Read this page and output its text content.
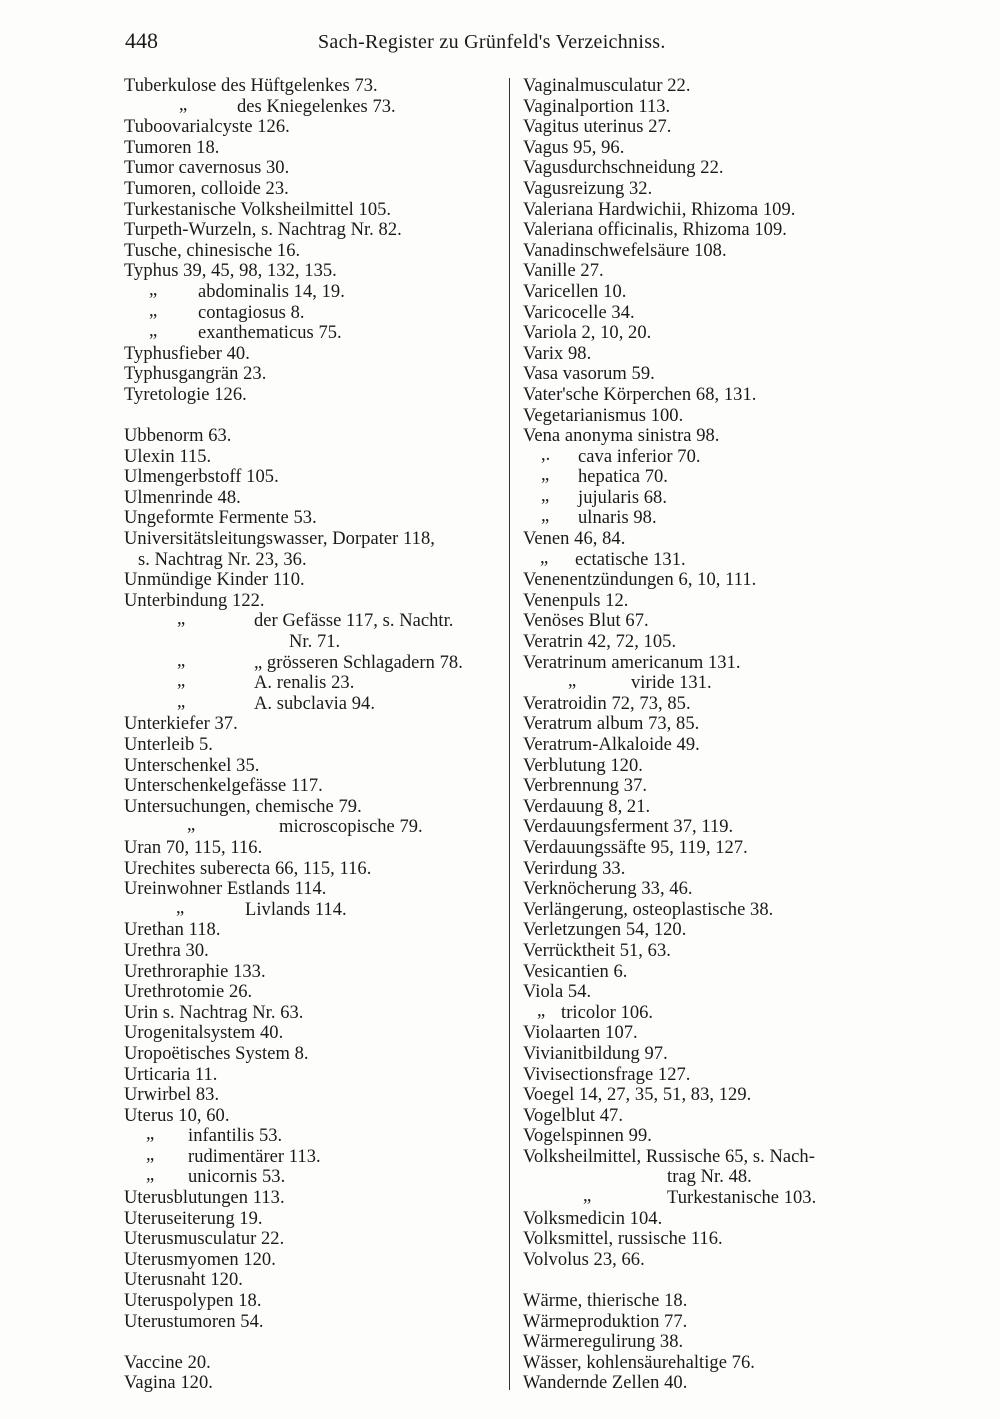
448	Sach-Register zu Grünfeld's Verzeichniss.
Tuberkulose des Hüftgelenkes 73.
„	des Kniegelenkes 73.
Tuboovarialcyste 126.
Tumoren 18.
Tumor cavernosus 30.
Tumoren, colloide 23.
Turkestanische Volksheilmittel 105.
Turpeth-Wurzeln, s. Nachtrag Nr. 82.
Tusche, chinesische 16.
Typhus 39, 45, 98, 132, 135.
„ abdominalis 14, 19.
„ contagiosus 8.
„ exanthematicus 75.
Typhusfieber 40.
Typhusgangrän 23.
Tyretologie 126.
Ubbenorm 63.
Ulexin 115.
Ulmengerbstoff 105.
Ulmenrinde 48.
Ungeformte Fermente 53.
Universitätsleitungswasser, Dorpater 118,
s. Nachtrag Nr. 23, 36.
Unmündige Kinder 110.
Unterbindung 122.
„	der Gefässe 117, s. Nachtr.
Nr. 71.
„	„ grösseren Schlagadern 78.
„	A. renalis 23.
„	A. subclavia 94.
Unterkiefer 37.
Unterleib 5.
Unterschenkel 35.
Unterschenkelgefässe 117.
Untersuchungen, chemische 79.
„	microscopische 79.
Uran 70, 115, 116.
Urechites suberecta 66, 115, 116.
Ureinwohner Estlands 114.
„	Livlands 114.
Urethan 118.
Urethra 30.
Urethroraphie 133.
Urethrotomie 26.
Urin s. Nachtrag Nr. 63.
Urogenitalsystem 40.
Uropoëtisches System 8.
Urticaria 11.
Urwirbel 83.
Uterus 10, 60.
„ infantilis 53.
„ rudimentärer 113.
„ unicornis 53.
Uterusblutungen 113.
Uteruseiterung 19.
Uterusmusculatur 22.
Uterusmyomen 120.
Uterusnaht 120.
Uteruspolypen 18.
Uterustumoren 54.
Vaccine 20.
Vagina 120.
Vaginalmusculatur 22.
Vaginalportion 113.
Vagitus uterinus 27.
Vagus 95, 96.
Vagusdurchschneidung 22.
Vagusreizung 32.
Valeriana Hardwichii, Rhizoma 109.
Valeriana officinalis, Rhizoma 109.
Vanadinschwefelsäure 108.
Vanille 27.
Varicellen 10.
Varicocelle 34.
Variola 2, 10, 20.
Varix 98.
Vasa vasorum 59.
Vater'sche Körperchen 68, 131.
Vegetarianismus 100.
Vena anonyma sinistra 98.
,. cava inferior 70.
„ hepatica 70.
„ jujularis 68.
„ ulnaris 98.
Venen 46, 84.
„ ectatische 131.
Venenentzündungen 6, 10, 111.
Venenpuls 12.
Venöses Blut 67.
Veratrin 42, 72, 105.
Veratrinum americanum 131.
„	viride 131.
Veratroidin 72, 73, 85.
Veratrum album 73, 85.
Veratrum-Alkaloide 49.
Verblutung 120.
Verbrennung 37.
Verdauung 8, 21.
Verdauungsferment 37, 119.
Verdauungssäfte 95, 119, 127.
Verirdung 33.
Verknöcherung 33, 46.
Verlängerung, osteoplastische 38.
Verletzungen 54, 120.
Verrücktheit 51, 63.
Vesicantien 6.
Viola 54.
„ tricolor 106.
Violaarten 107.
Vivianitbildung 97.
Vivisectionsfrage 127.
Voegel 14, 27, 35, 51, 83, 129.
Vogelblut 47.
Vogelspinnen 99.
Volksheilmittel, Russische 65, s. Nach-
trag Nr. 48.
„	Turkestanische 103.
Volksmedicin 104.
Volksmittel, russische 116.
Volvolus 23, 66.
Wärme, thierische 18.
Wärmeproduktion 77.
Wärmeregulirung 38.
Wässer, kohlensäurehaltige 76.
Wandernde Zellen 40.
